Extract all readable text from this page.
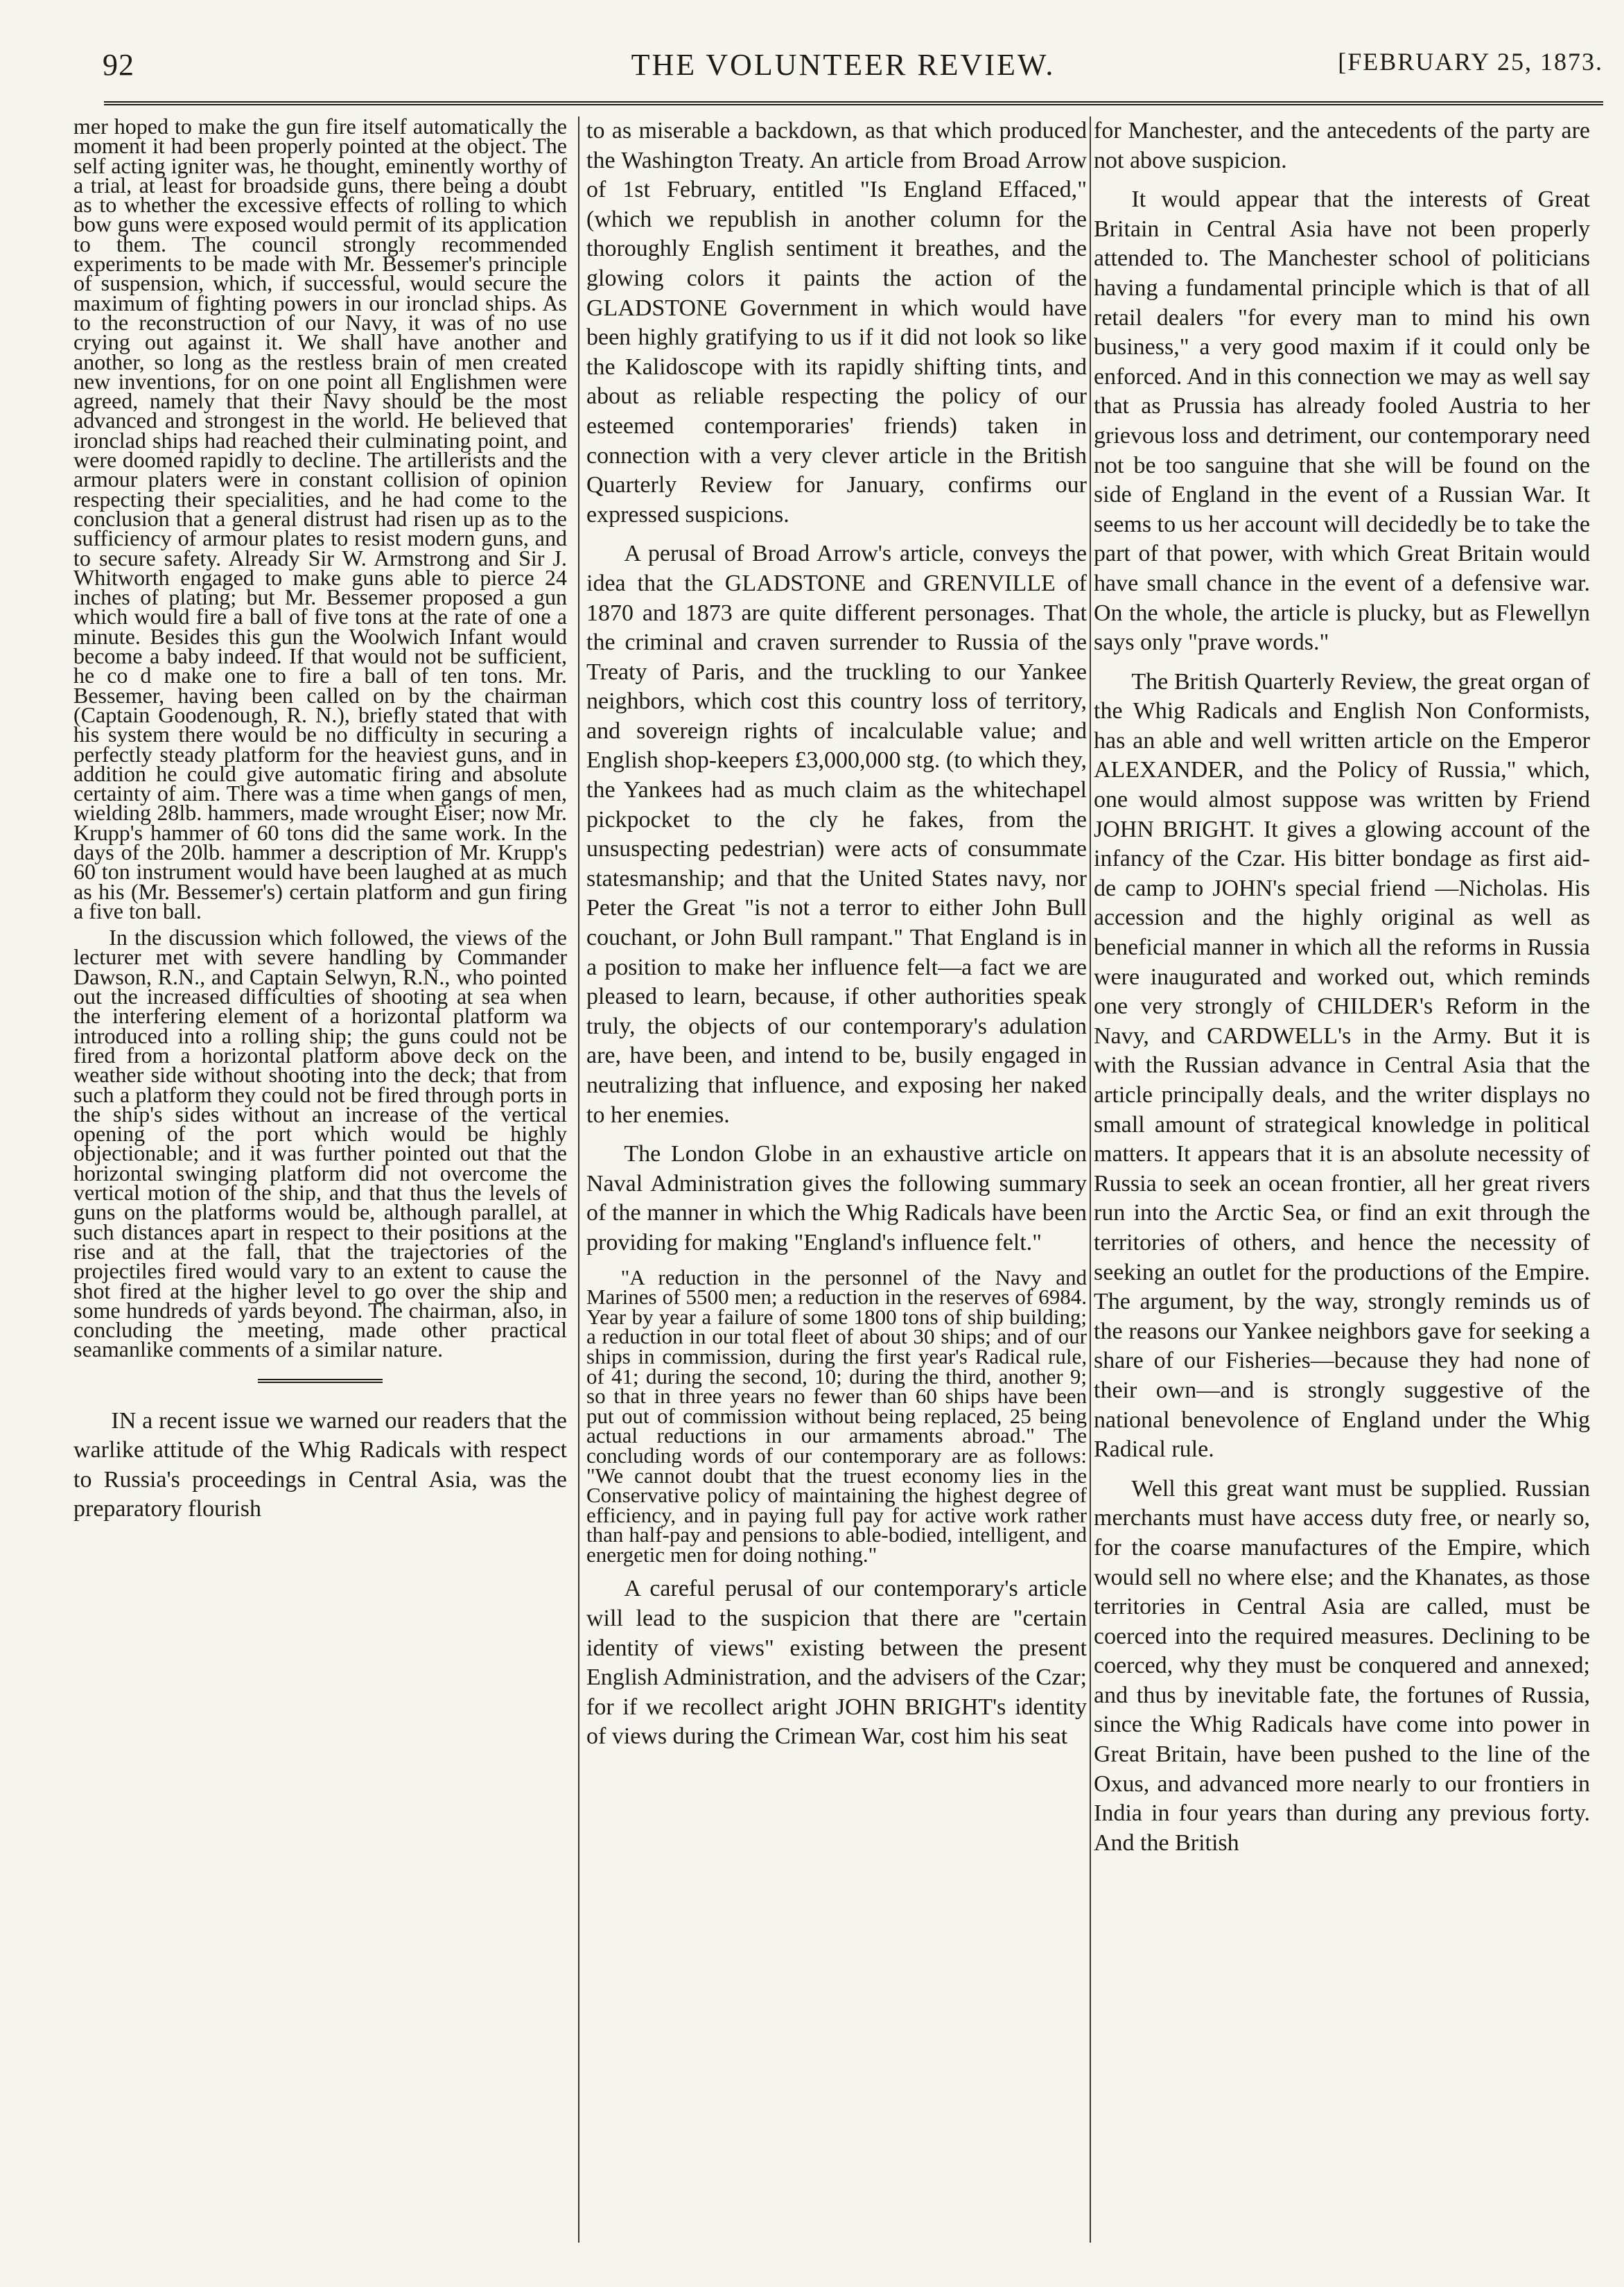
92	THE VOLUNTEER REVIEW.	[FEBRUARY 25, 1873.

mer hoped to make the gun fire itself automatically the moment it had been properly pointed at the object. The self acting igniter was, he thought, eminently worthy of a trial, at least for broadside guns, there being a doubt as to whether the excessive effects of rolling to which bow guns were exposed would permit of its application to them. The council strongly recommended experiments to be made with Mr. Bessemer's principle of suspension, which, if successful, would secure the maximum of fighting powers in our ironclad ships. As to the reconstruction of our Navy, it was of no use crying out against it. We shall have another and another, so long as the restless brain of men created new inventions, for on one point all Englishmen were agreed, namely that their Navy should be the most advanced and strongest in the world. He believed that ironclad ships had reached their culminating point, and were doomed rapidly to decline. The artillerists and the armour platers were in constant collision of opinion respecting their specialities, and he had come to the conclusion that a general distrust had risen up as to the sufficiency of armour plates to resist modern guns, and to secure safety. Already Sir W. Armstrong and Sir J. Whitworth engaged to make guns able to pierce 24 inches of plating; but Mr. Bessemer proposed a gun which would fire a ball of five tons at the rate of one a minute. Besides this gun the Woolwich Infant would become a baby indeed. If that would not be sufficient, he co d make one to fire a ball of ten tons. Mr. Bessemer, having been called on by the chairman (Captain Goodenough, R. N.), briefly stated that with his system there would be no difficulty in securing a perfectly steady platform for the heaviest guns, and in addition he could give automatic firing and absolute certainty of aim. There was a time when gangs of men, wielding 28lb. hammers, made wrought Eiser; now Mr. Krupp's hammer of 60 tons did the same work. In the days of the 20lb. hammer a description of Mr. Krupp's 60 ton instrument would have been laughed at as much as his (Mr. Bessemer's) certain platform and gun firing a five ton ball.

In the discussion which followed, the views of the lecturer met with severe handling by Commander Dawson, R.N., and Captain Selwyn, R.N., who pointed out the increased difficulties of shooting at sea when the interfering element of a horizontal platform wa introduced into a rolling ship; the guns could not be fired from a horizontal platform above deck on the weather side without shooting into the deck; that from such a platform they could not be fired through ports in the ship's sides without an increase of the vertical opening of the port which would be highly objectionable; and it was further pointed out that the horizontal swinging platform did not overcome the vertical motion of the ship, and that thus the levels of guns on the platforms would be, although parallel, at such distances apart in respect to their positions at the rise and at the fall, that the trajectories of the projectiles fired would vary to an extent to cause the shot fired at the higher level to go over the ship and some hundreds of yards beyond. The chairman, also, in concluding the meeting, made other practical seamanlike comments of a similar nature.

IN a recent issue we warned our readers that the warlike attitude of the Whig Radicals with respect to Russia's proceedings in Central Asia, was the preparatory flourish

to as miserable a backdown, as that which produced the Washington Treaty. An article from Broad Arrow of 1st February, entitled "Is England Effaced," (which we republish in another column for the thoroughly English sentiment it breathes, and the glowing colors it paints the action of the GLADSTONE Government in which would have been highly gratifying to us if it did not look so like the Kalidoscope with its rapidly shifting tints, and about as reliable respecting the policy of our esteemed contemporaries' friends) taken in connection with a very clever article in the British Quarterly Review for January, confirms our expressed suspicions.

A perusal of Broad Arrow's article, conveys the idea that the GLADSTONE and GRENVILLE of 1870 and 1873 are quite different personages. That the criminal and craven surrender to Russia of the Treaty of Paris, and the truckling to our Yankee neighbors, which cost this country loss of territory, and sovereign rights of incalculable value; and English shop-keepers £3,000,000 stg. (to which they, the Yankees had as much claim as the whitechapel pickpocket to the cly he fakes, from the unsuspecting pedestrian) were acts of consummate statesmanship; and that the United States navy, nor Peter the Great "is not a terror to either John Bull couchant, or John Bull rampant." That England is in a position to make her influence felt—a fact we are pleased to learn, because, if other authorities speak truly, the objects of our contemporary's adulation are, have been, and intend to be, busily engaged in neutralizing that influence, and exposing her naked to her enemies.

The London Globe in an exhaustive article on Naval Administration gives the following summary of the manner in which the Whig Radicals have been providing for making "England's influence felt."

"A reduction in the personnel of the Navy and Marines of 5500 men; a reduction in the reserves of 6984. Year by year a failure of some 1800 tons of ship building; a reduction in our total fleet of about 30 ships; and of our ships in commission, during the first year's Radical rule, of 41; during the second, 10; during the third, another 9; so that in three years no fewer than 60 ships have been put out of commission without being replaced, 25 being actual reductions in our armaments abroad." The concluding words of our contemporary are as follows: "We cannot doubt that the truest economy lies in the Conservative policy of maintaining the highest degree of efficiency, and in paying full pay for active work rather than half-pay and pensions to able-bodied, intelligent, and energetic men for doing nothing."

A careful perusal of our contemporary's article will lead to the suspicion that there are "certain identity of views" existing between the present English Administration, and the advisers of the Czar; for if we recollect aright JOHN BRIGHT's identity of views during the Crimean War, cost him his seat

for Manchester, and the antecedents of the party are not above suspicion.

It would appear that the interests of Great Britain in Central Asia have not been properly attended to. The Manchester school of politicians having a fundamental principle which is that of all retail dealers "for every man to mind his own business," a very good maxim if it could only be enforced. And in this connection we may as well say that as Prussia has already fooled Austria to her grievous loss and detriment, our contemporary need not be too sanguine that she will be found on the side of England in the event of a Russian War. It seems to us her account will decidedly be to take the part of that power, with which Great Britain would have small chance in the event of a defensive war. On the whole, the article is plucky, but as Flewellyn says only "prave words."

The British Quarterly Review, the great organ of the Whig Radicals and English Non Conformists, has an able and well written article on the Emperor ALEXANDER, and the Policy of Russia," which, one would almost suppose was written by Friend JOHN BRIGHT. It gives a glowing account of the infancy of the Czar. His bitter bondage as first aid-de camp to JOHN's special friend —Nicholas. His accession and the highly original as well as beneficial manner in which all the reforms in Russia were inaugurated and worked out, which reminds one very strongly of CHILDER's Reform in the Navy, and CARDWELL's in the Army. But it is with the Russian advance in Central Asia that the article principally deals, and the writer displays no small amount of strategical knowledge in political matters. It appears that it is an absolute necessity of Russia to seek an ocean frontier, all her great rivers run into the Arctic Sea, or find an exit through the territories of others, and hence the necessity of seeking an outlet for the productions of the Empire. The argument, by the way, strongly reminds us of the reasons our Yankee neighbors gave for seeking a share of our Fisheries—because they had none of their own—and is strongly suggestive of the national benevolence of England under the Whig Radical rule.

Well this great want must be supplied. Russian merchants must have access duty free, or nearly so, for the coarse manufactures of the Empire, which would sell no where else; and the Khanates, as those territories in Central Asia are called, must be coerced into the required measures. Declining to be coerced, why they must be conquered and annexed; and thus by inevitable fate, the fortunes of Russia, since the Whig Radicals have come into power in Great Britain, have been pushed to the line of the Oxus, and advanced more nearly to our frontiers in India in four years than during any previous forty. And the British
